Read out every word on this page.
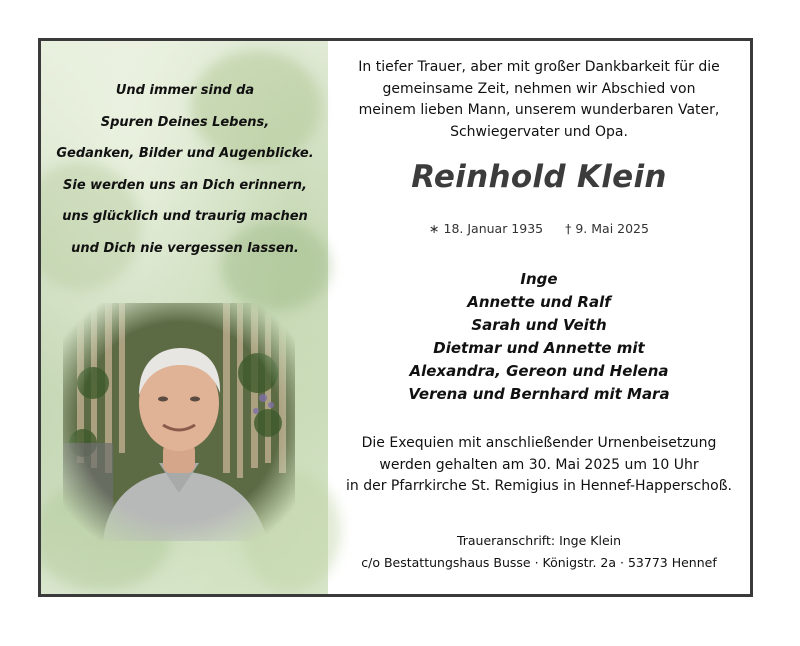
Und immer sind da
Spuren Deines Lebens,
Gedanken, Bilder und Augenblicke.
Sie werden uns an Dich erinnern,
uns glücklich und traurig machen
und Dich nie vergessen lassen.
In tiefer Trauer, aber mit großer Dankbarkeit für die
gemeinsame Zeit, nehmen wir Abschied von
meinem lieben Mann, unserem wunderbaren Vater,
Schwiegervater und Opa.
Reinhold Klein
∗ 18. Januar 1935 † 9. Mai 2025
Inge
Annette und Ralf
Sarah und Veith
Dietmar und Annette mit
Alexandra, Gereon und Helena
Verena und Bernhard mit Mara
Die Exequien mit anschließender Urnenbeisetzung
werden gehalten am 30. Mai 2025 um 10 Uhr
in der Pfarrkirche St. Remigius in Hennef-Happerschoß.
Traueranschrift: Inge Klein
c/o Bestattungshaus Busse · Königstr. 2a · 53773 Hennef
